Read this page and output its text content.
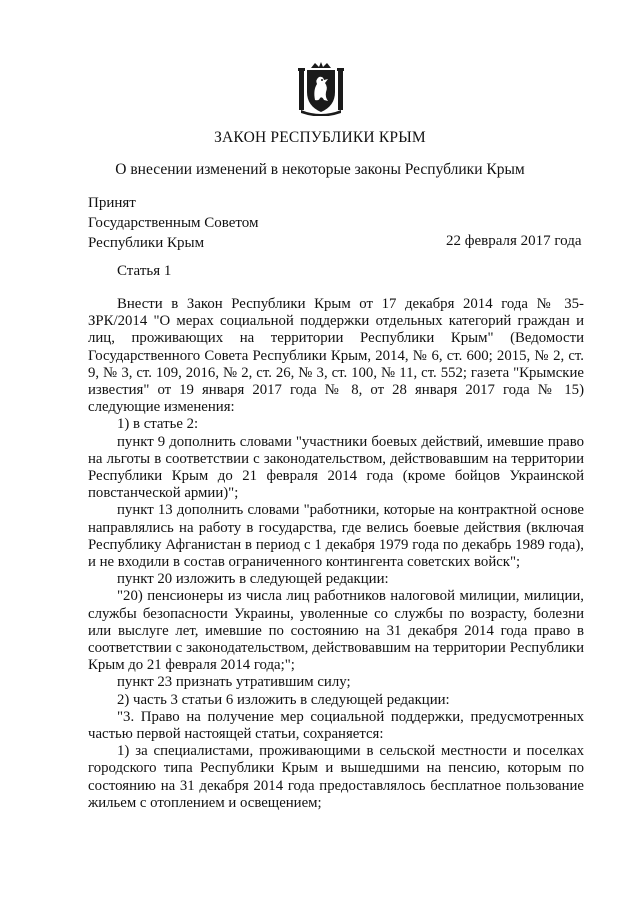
ЗАКОН РЕСПУБЛИКИ КРЫМ
О внесении изменений в некоторые законы Республики Крым
Принят
Государственным Советом
Республики Крым	22 февраля 2017 года
Статья 1

Внести в Закон Республики Крым от 17 декабря 2014 года № 35-ЗРК/2014 "О мерах социальной поддержки отдельных категорий граждан и лиц, проживающих на территории Республики Крым" (Ведомости Государственного Совета Республики Крым, 2014, № 6, ст. 600; 2015, № 2, ст. 9, № 3, ст. 109, 2016, № 2, ст. 26, № 3, ст. 100, № 11, ст. 552; газета "Крымские известия" от 19 января 2017 года № 8, от 28 января 2017 года № 15) следующие изменения:

1) в статье 2:

пункт 9 дополнить словами "участники боевых действий, имевшие право на льготы в соответствии с законодательством, действовавшим на территории Республики Крым до 21 февраля 2014 года (кроме бойцов Украинской повстанческой армии)";

пункт 13 дополнить словами "работники, которые на контрактной основе направлялись на работу в государства, где велись боевые действия (включая Республику Афганистан в период с 1 декабря 1979 года по декабрь 1989 года), и не входили в состав ограниченного контингента советских войск";

пункт 20 изложить в следующей редакции:

"20) пенсионеры из числа лиц работников налоговой милиции, милиции, службы безопасности Украины, уволенные со службы по возрасту, болезни или выслуге лет, имевшие по состоянию на 31 декабря 2014 года право в соответствии с законодательством, действовавшим на территории Республики Крым до 21 февраля 2014 года;";

пункт 23 признать утратившим силу;

2) часть 3 статьи 6 изложить в следующей редакции:

"3. Право на получение мер социальной поддержки, предусмотренных частью первой настоящей статьи, сохраняется:

1) за специалистами, проживающими в сельской местности и поселках городского типа Республики Крым и вышедшими на пенсию, которым по состоянию на 31 декабря 2014 года предоставлялось бесплатное пользование жильем с отоплением и освещением;
